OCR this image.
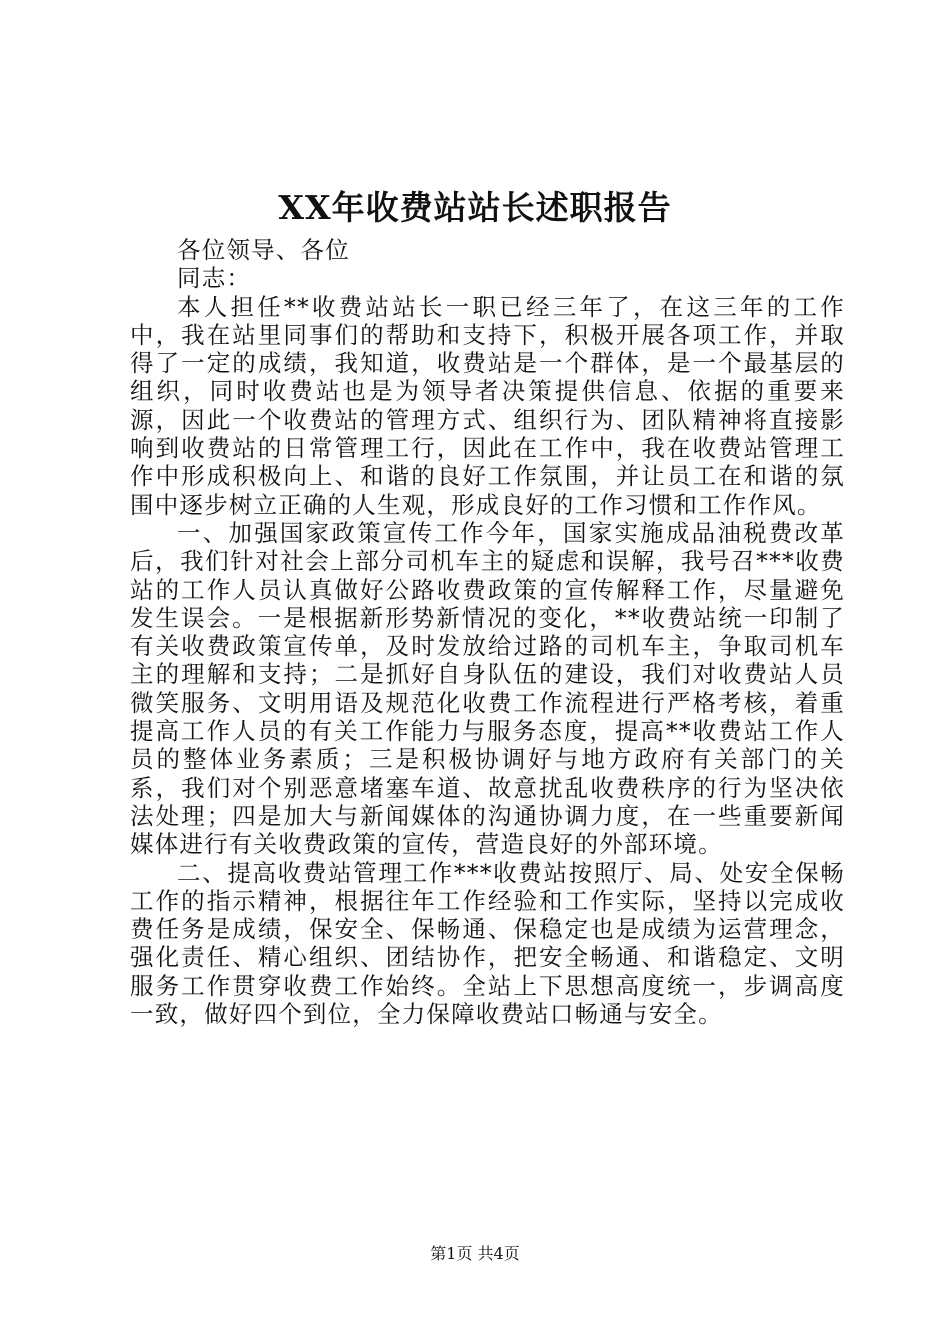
XX年收费站站长述职报告

各位领导、各位

同志：

本人担任**收费站站长一职已经三年了，在这三年的工作中，我在站里同事们的帮助和支持下，积极开展各项工作，并取得了一定的成绩，我知道，收费站是一个群体，是一个最基层的组织，同时收费站也是为领导者决策提供信息、依据的重要来源，因此一个收费站的管理方式、组织行为、团队精神将直接影响到收费站的日常管理工行，因此在工作中，我在收费站管理工作中形成积极向上、和谐的良好工作氛围，并让员工在和谐的氛围中逐步树立正确的人生观，形成良好的工作习惯和工作作风。

一、加强国家政策宣传工作今年，国家实施成品油税费改革后，我们针对社会上部分司机车主的疑虑和误解，我号召***收费站的工作人员认真做好公路收费政策的宣传解释工作，尽量避免发生误会。一是根据新形势新情况的变化，**收费站统一印制了有关收费政策宣传单，及时发放给过路的司机车主，争取司机车主的理解和支持；二是抓好自身队伍的建设，我们对收费站人员微笑服务、文明用语及规范化收费工作流程进行严格考核，着重提高工作人员的有关工作能力与服务态度，提高**收费站工作人员的整体业务素质；三是积极协调好与地方政府有关部门的关系，我们对个别恶意堵塞车道、故意扰乱收费秩序的行为坚决依法处理；四是加大与新闻媒体的沟通协调力度，在一些重要新闻媒体进行有关收费政策的宣传，营造良好的外部环境。

二、提高收费站管理工作***收费站按照厅、局、处安全保畅工作的指示精神，根据往年工作经验和工作实际，坚持以完成收费任务是成绩，保安全、保畅通、保稳定也是成绩为运营理念，强化责任、精心组织、团结协作，把安全畅通、和谐稳定、文明服务工作贯穿收费工作始终。全站上下思想高度统一，步调高度一致，做好四个到位，全力保障收费站口畅通与安全。

第1页 共4页
